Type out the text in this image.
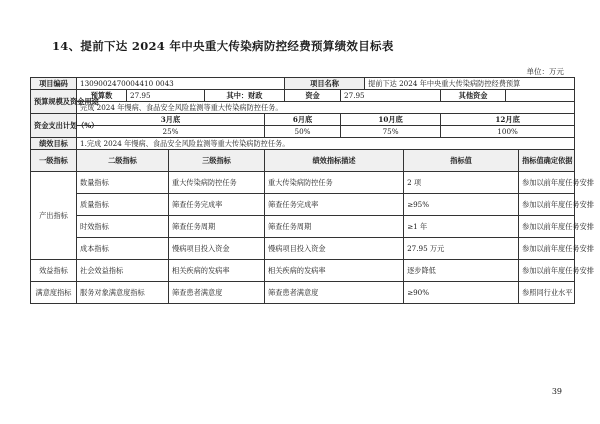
14、提前下达 2024 年中央重大传染病防控经费预算绩效目标表
单位：万元
项目编码	1309002470004410 0043					项目名称		提前下达 2024 年中央重大传染病防控经费预算				
预算规模及资金用途	预算数	27.95		其中：财政		资金	27.95			其他资金		
	完成 2024 年慢病、食品安全风险监测等重大传染病防控任务。											
资金支出计划（%）	3月底				6月底		10月底			12月底		
	25%				50%		75%			100%		
绩效目标	1.完成 2024 年慢病、食品安全风险监测等重大传染病防控任务。											
一级指标	二级指标		三级指标		绩效指标描述				指标值			指标值确定依据
产出指标	数量指标		重大传染病防控任务		重大传染病防控任务				2 项			参加以前年度任务安排
	质量指标		筛查任务完成率		筛查任务完成率				≥95%			参加以前年度任务安排
	时效指标		筛查任务周期		筛查任务周期				≥1 年			参加以前年度任务安排
	成本指标		慢病项目投入资金		慢病项目投入资金				27.95 万元			参加以前年度任务安排
效益指标	社会效益指标		相关疾病的发病率		相关疾病的发病率				逐步降低			参加以前年度任务安排
满意度指标	服务对象满意度指标		筛查患者满意度		筛查患者满意度				≥90%			参照同行业水平
39
